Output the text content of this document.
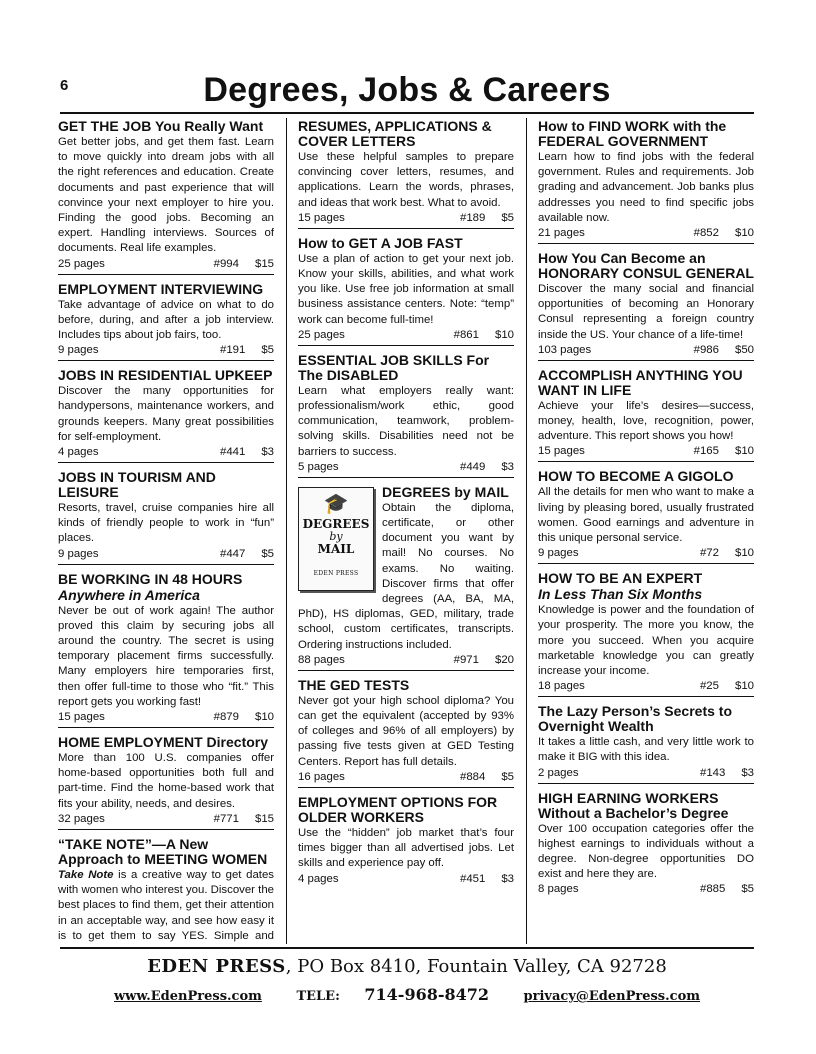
6	Degrees, Jobs & Careers
GET THE JOB You Really Want
Get better jobs, and get them fast. Learn to move quickly into dream jobs with all the right references and education. Create documents and past experience that will convince your next employer to hire you. Finding the good jobs. Becoming an expert. Handling interviews. Sources of documents. Real life examples.
25 pages	#994 $15
EMPLOYMENT INTERVIEWING
Take advantage of advice on what to do before, during, and after a job interview. Includes tips about job fairs, too.
9 pages	#191 $5
JOBS IN RESIDENTIAL UPKEEP
Discover the many opportunities for handypersons, maintenance workers, and grounds keepers. Many great possibilities for self-employment.
4 pages	#441 $3
JOBS IN TOURISM AND LEISURE
Resorts, travel, cruise companies hire all kinds of friendly people to work in “fun” places.
9 pages	#447 $5
BE WORKING IN 48 HOURS
Anywhere in America
Never be out of work again! The author proved this claim by securing jobs all around the country. The secret is using temporary placement firms successfully. Many employers hire temporaries first, then offer full-time to those who “fit.” This report gets you working fast!
15 pages	#879 $10
HOME EMPLOYMENT Directory
More than 100 U.S. companies offer home-based opportunities both full and part-time. Find the home-based work that fits your ability, needs, and desires.
32 pages	#771 $15
“TAKE NOTE”—A New Approach to MEETING WOMEN
Take Note is a creative way to get dates with women who interest you. Discover the best places to find them, get their attention in an acceptable way, and see how easy it is to get them to say YES. Simple and
RESUMES, APPLICATIONS & COVER LETTERS
Use these helpful samples to prepare convincing cover letters, resumes, and applications. Learn the words, phrases, and ideas that work best. What to avoid.
15 pages	#189 $5
How to GET A JOB FAST
Use a plan of action to get your next job. Know your skills, abilities, and what work you like. Use free job information at small business assistance centers. Note: “temp” work can become full-time!
25 pages	#861 $10
ESSENTIAL JOB SKILLS For The DISABLED
Learn what employers really want: professionalism/work ethic, good communication, teamwork, problem-solving skills. Disabilities need not be barriers to success.
5 pages	#449 $3
🎓
DEGREES
by
MAIL
EDEN PRESS
DEGREES by MAIL
Obtain the diploma, certificate, or other document you want by mail! No courses. No exams. No waiting. Discover firms that offer degrees (AA, BA, MA, PhD), HS diplomas, GED, military, trade school, custom certificates, transcripts. Ordering instructions included.
88 pages	#971 $20
THE GED TESTS
Never got your high school diploma? You can get the equivalent (accepted by 93% of colleges and 96% of all employers) by passing five tests given at GED Testing Centers. Report has full details.
16 pages	#884 $5
EMPLOYMENT OPTIONS FOR OLDER WORKERS
Use the “hidden” job market that’s four times bigger than all advertised jobs. Let skills and experience pay off.
4 pages	#451 $3
How to FIND WORK with the FEDERAL GOVERNMENT
Learn how to find jobs with the federal government. Rules and requirements. Job grading and advancement. Job banks plus addresses you need to find specific jobs available now.
21 pages	#852 $10
How You Can Become an HONORARY CONSUL GENERAL
Discover the many social and financial opportunities of becoming an Honorary Consul representing a foreign country inside the US. Your chance of a life-time!
103 pages	#986 $50
ACCOMPLISH ANYTHING YOU WANT IN LIFE
Achieve your life’s desires—success, money, health, love, recognition, power, adventure. This report shows you how!
15 pages	#165 $10
HOW TO BECOME A GIGOLO
All the details for men who want to make a living by pleasing bored, usually frustrated women. Good earnings and adventure in this unique personal service.
9 pages	#72 $10
HOW TO BE AN EXPERT
In Less Than Six Months
Knowledge is power and the foundation of your prosperity. The more you know, the more you succeed. When you acquire marketable knowledge you can greatly increase your income.
18 pages	#25 $10
The Lazy Person’s Secrets to Overnight Wealth
It takes a little cash, and very little work to make it BIG with this idea.
2 pages	#143 $3
HIGH EARNING WORKERS Without a Bachelor’s Degree
Over 100 occupation categories offer the highest earnings to individuals without a degree. Non-degree opportunities DO exist and here they are.
8 pages	#885 $5
EDEN PRESS, PO Box 8410, Fountain Valley, CA 92728
www.EdenPress.com	TELE: 714-968-8472	privacy@EdenPress.com
